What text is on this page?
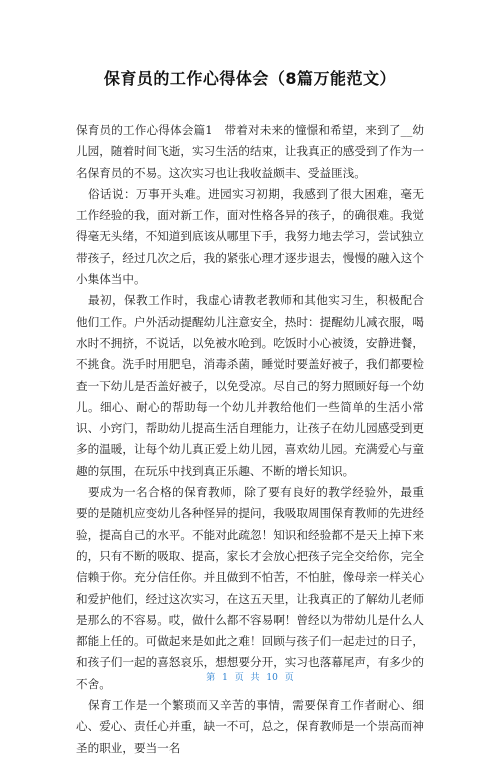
保育员的工作心得体会（8篇万能范文）

保育员的工作心得体会篇1　带着对未来的憧憬和希望，来到了__幼儿园，随着时间飞逝，实习生活的结束，让我真正的感受到了作为一名保育员的不易。这次实习也让我收益颇丰、受益匪浅。

俗话说：万事开头难。进园实习初期，我感到了很大困难，毫无工作经验的我，面对新工作，面对性格各异的孩子，的确很难。我觉得毫无头绪，不知道到底该从哪里下手，我努力地去学习，尝试独立带孩子，经过几次之后，我的紧张心理才逐步退去，慢慢的融入这个小集体当中。

最初，保教工作时，我虚心请教老教师和其他实习生，积极配合他们工作。户外活动提醒幼儿注意安全，热时：提醒幼儿减衣服，喝水时不拥挤，不说话，以免被水呛到。吃饭时小心被烫，安静进餐，不挑食。洗手时用肥皂，消毒杀菌，睡觉时要盖好被子，我们都要检查一下幼儿是否盖好被子，以免受凉。尽自己的努力照顾好每一个幼儿。细心、耐心的帮助每一个幼儿并教给他们一些简单的生活小常识、小窍门，帮助幼儿提高生活自理能力，让孩子在幼儿园感受到更多的温暖，让每个幼儿真正爱上幼儿园，喜欢幼儿园。充满爱心与童趣的氛围，在玩乐中找到真正乐趣、不断的增长知识。

要成为一名合格的保育教师，除了要有良好的教学经验外，最重要的是随机应变幼儿各种怪异的提问，我吸取周围保育教师的先进经验，提高自己的水平。不能对此疏忽！知识和经验都不是天上掉下来的，只有不断的吸取、提高，家长才会放心把孩子完全交给你，完全信赖于你。充分信任你。并且做到不怕苦，不怕脏，像母亲一样关心和爱护他们，经过这次实习，在这五天里，让我真正的了解幼儿老师是那么的不容易。哎，做什么都不容易啊！曾经以为带幼儿是什么人都能上任的。可做起来是如此之难！回顾与孩子们一起走过的日子，和孩子们一起的喜怒哀乐，想想要分开，实习也落幕尾声，有多少的不舍。

保育工作是一个繁琐而又辛苦的事情，需要保育工作者耐心、细心、爱心、责任心并重，缺一不可，总之，保育教师是一个崇高而神圣的职业，要当一名

第 1 页 共 10 页
